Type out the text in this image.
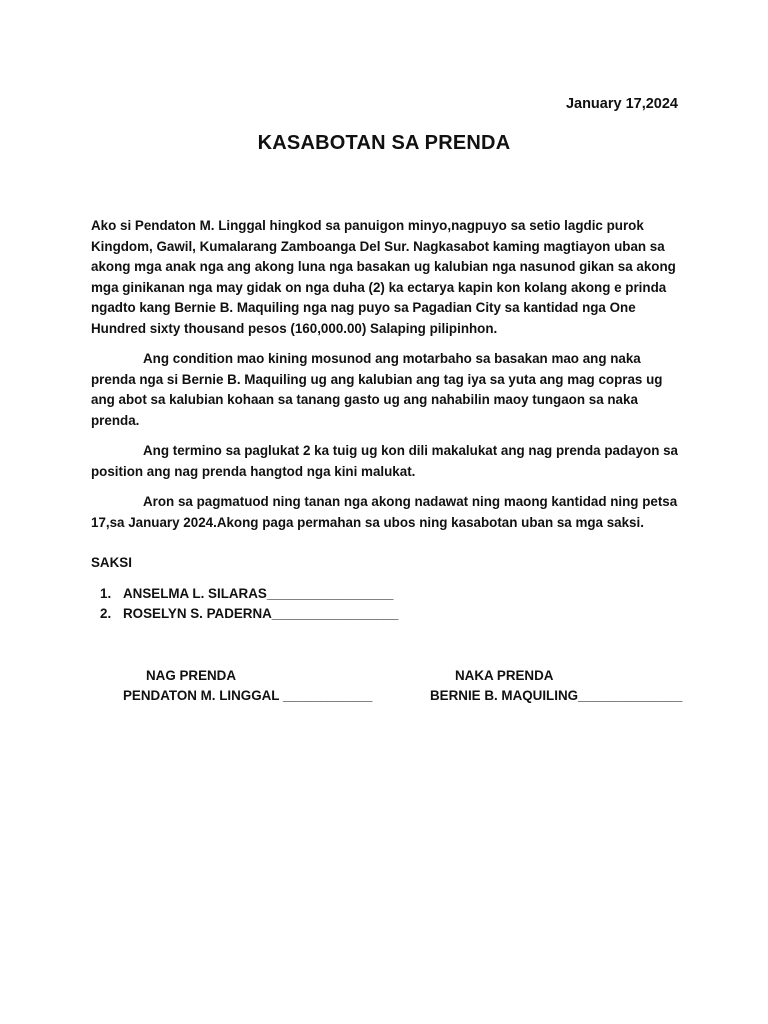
January 17,2024
KASABOTAN SA PRENDA

Ako si Pendaton M. Linggal hingkod sa panuigon minyo,nagpuyo sa setio lagdic purok Kingdom, Gawil, Kumalarang Zamboanga Del Sur. Nagkasabot kaming magtiayon uban sa akong mga anak nga ang akong luna nga basakan ug kalubian nga nasunod gikan sa akong mga ginikanan nga may gidak on nga duha (2) ka ectarya kapin kon kolang akong e prinda ngadto kang Bernie B. Maquiling nga nag puyo sa Pagadian City sa kantidad nga One Hundred sixty thousand pesos (160,000.00) Salaping pilipinhon.

Ang condition mao kining mosunod ang motarbaho sa basakan mao ang naka prenda nga si Bernie B. Maquiling ug ang kalubian ang tag iya sa yuta ang mag copras ug ang abot sa kalubian kohaan sa tanang gasto ug ang nahabilin maoy tungaon sa naka prenda.

Ang termino sa paglukat 2 ka tuig ug kon dili makalukat ang nag prenda padayon sa position ang nag prenda hangtod nga kini malukat.

Aron sa pagmatuod ning tanan nga akong nadawat ning maong kantidad ning petsa 17,sa January 2024.Akong paga permahan sa ubos ning kasabotan uban sa mga saksi.

SAKSI
1. ANSELMA L. SILARAS_________________
2. ROSELYN S. PADERNA_________________
NAG PRENDA
PENDATON M. LINGGAL ____________
NAKA PRENDA
BERNIE B. MAQUILING______________
